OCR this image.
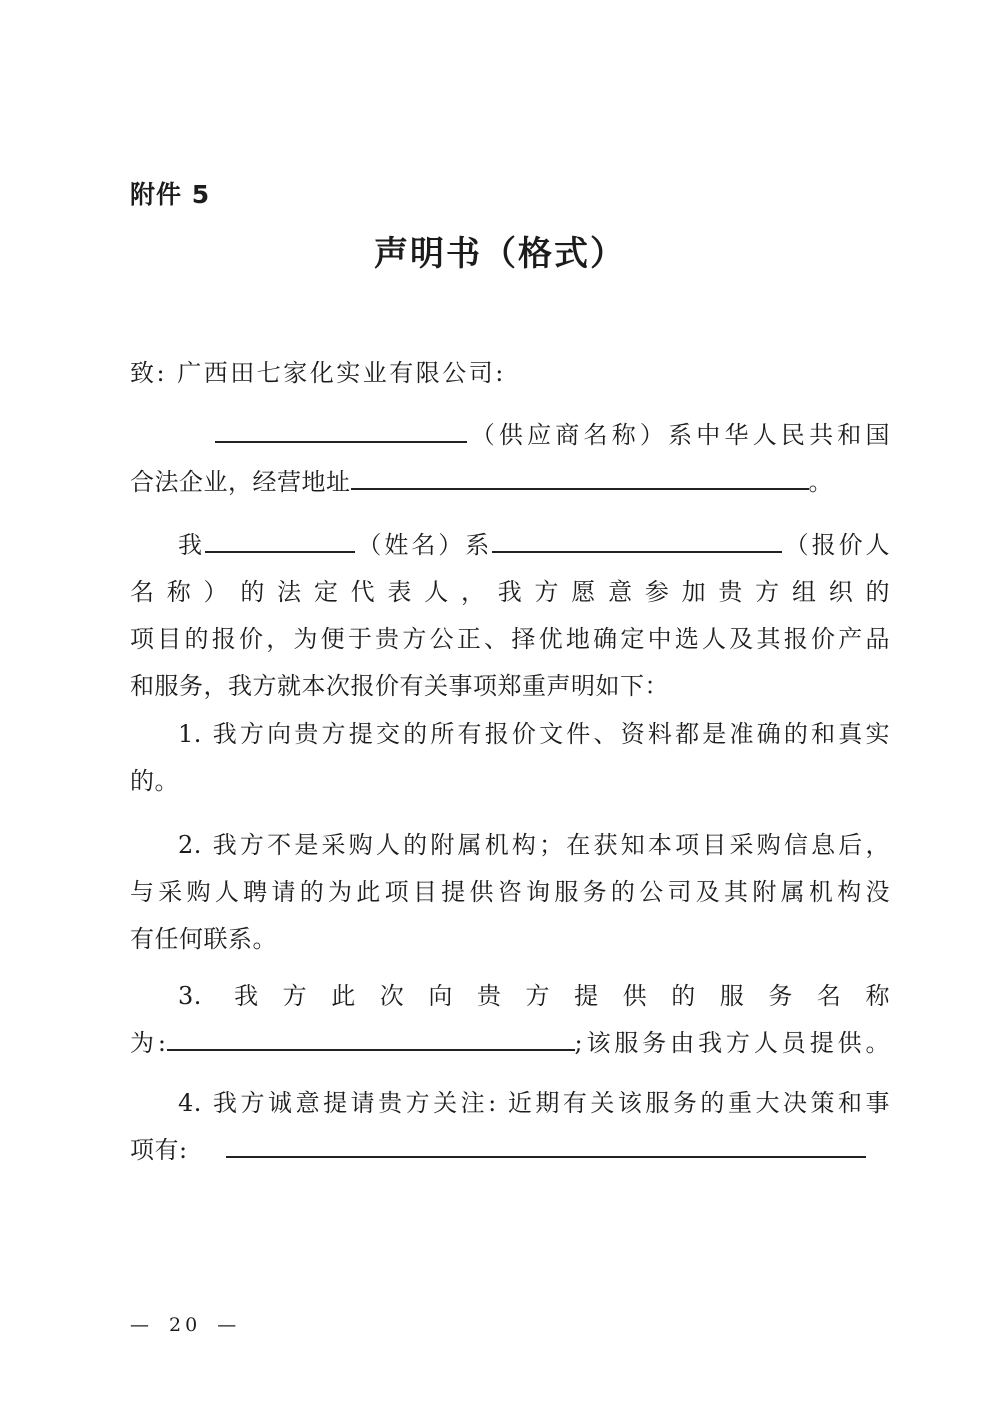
附件 5
声明书（格式）
致: 广西田七家化实业有限公司:
（供应商名称）系中华人民共和国
合法企业，经营地址	。
我	（姓名）系	（报价人
名称）的法定代表人，我方愿意参加贵方组织的
项目的报价，为便于贵方公正、择优地确定中选人及其报价产品
和服务，我方就本次报价有关事项郑重声明如下：
1. 我方向贵方提交的所有报价文件、资料都是准确的和真实
的。
2. 我方不是采购人的附属机构；在获知本项目采购信息后，
与采购人聘请的为此项目提供咨询服务的公司及其附属机构没
有任何联系。
3. 我方此次向贵方提供的服务名称
为:	;该服务由我方人员提供。
4. 我方诚意提请贵方关注: 近期有关该服务的重大决策和事
项有:
— 20 —
